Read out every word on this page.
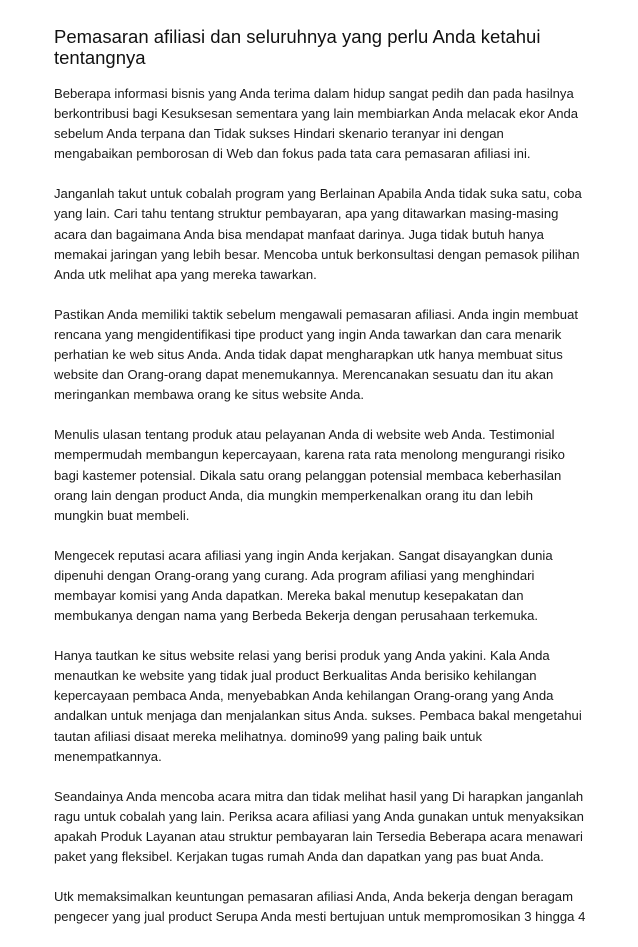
Pemasaran afiliasi dan seluruhnya yang perlu Anda ketahui tentangnya

Beberapa informasi bisnis yang Anda terima dalam hidup sangat pedih dan pada hasilnya berkontribusi bagi Kesuksesan sementara yang lain membiarkan Anda melacak ekor Anda sebelum Anda terpana dan Tidak sukses Hindari skenario teranyar ini dengan mengabaikan pemborosan di Web dan fokus pada tata cara pemasaran afiliasi ini.

Janganlah takut untuk cobalah program yang Berlainan Apabila Anda tidak suka satu, coba yang lain. Cari tahu tentang struktur pembayaran, apa yang ditawarkan masing-masing acara dan bagaimana Anda bisa mendapat manfaat darinya. Juga tidak butuh hanya memakai jaringan yang lebih besar. Mencoba untuk berkonsultasi dengan pemasok pilihan Anda utk melihat apa yang mereka tawarkan.

Pastikan Anda memiliki taktik sebelum mengawali pemasaran afiliasi. Anda ingin membuat rencana yang mengidentifikasi tipe product yang ingin Anda tawarkan dan cara menarik perhatian ke web situs Anda. Anda tidak dapat mengharapkan utk hanya membuat situs website dan Orang-orang dapat menemukannya. Merencanakan sesuatu dan itu akan meringankan membawa orang ke situs website Anda.

Menulis ulasan tentang produk atau pelayanan Anda di website web Anda. Testimonial mempermudah membangun kepercayaan, karena rata rata menolong mengurangi risiko bagi kastemer potensial. Dikala satu orang pelanggan potensial membaca keberhasilan orang lain dengan product Anda, dia mungkin memperkenalkan orang itu dan lebih mungkin buat membeli.

Mengecek reputasi acara afiliasi yang ingin Anda kerjakan. Sangat disayangkan dunia dipenuhi dengan Orang-orang yang curang. Ada program afiliasi yang menghindari membayar komisi yang Anda dapatkan. Mereka bakal menutup kesepakatan dan membukanya dengan nama yang Berbeda Bekerja dengan perusahaan terkemuka.

Hanya tautkan ke situs website relasi yang berisi produk yang Anda yakini. Kala Anda menautkan ke website yang tidak jual product Berkualitas Anda berisiko kehilangan kepercayaan pembaca Anda, menyebabkan Anda kehilangan Orang-orang yang Anda andalkan untuk menjaga dan menjalankan situs Anda. sukses. Pembaca bakal mengetahui tautan afiliasi disaat mereka melihatnya. domino99 yang paling baik untuk menempatkannya.

Seandainya Anda mencoba acara mitra dan tidak melihat hasil yang Di harapkan janganlah ragu untuk cobalah yang lain. Periksa acara afiliasi yang Anda gunakan untuk menyaksikan apakah Produk Layanan atau struktur pembayaran lain Tersedia Beberapa acara menawari paket yang fleksibel. Kerjakan tugas rumah Anda dan dapatkan yang pas buat Anda.

Utk memaksimalkan keuntungan pemasaran afiliasi Anda, Anda bekerja dengan beragam pengecer yang jual product Serupa Anda mesti bertujuan untuk mempromosikan 3 hingga 4
